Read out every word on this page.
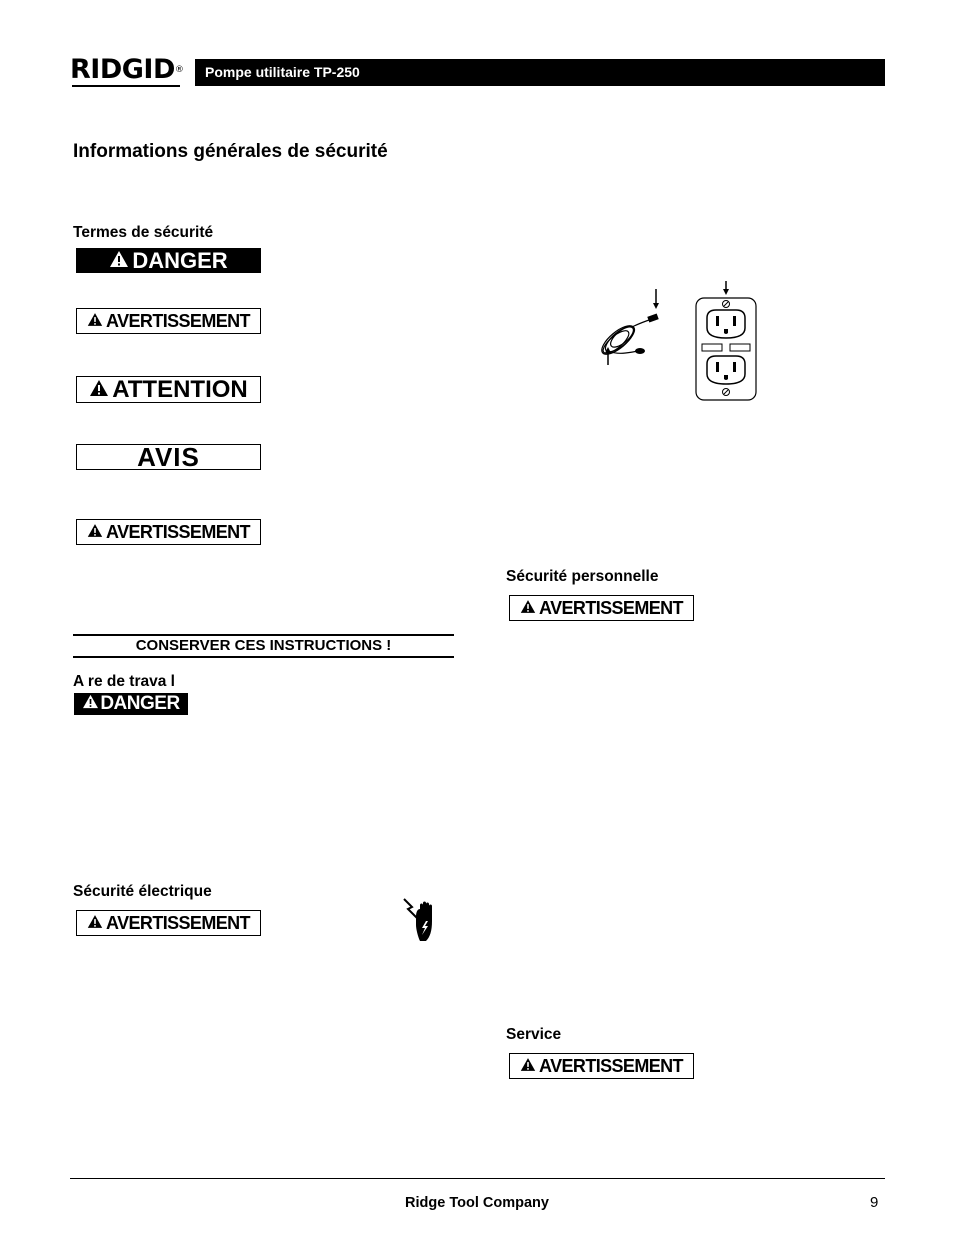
RIDGID®	Pompe utilitaire TP-250
Informations générales de sécurité
Termes de sécurité
DANGER
AVERTISSEMENT
ATTENTION
AVIS
AVERTISSEMENT
CONSERVER CES INSTRUCTIONS !
A re de trava l
DANGER
Sécurité électrique
AVERTISSEMENT
Sécurité personnelle
AVERTISSEMENT
Service
AVERTISSEMENT
Ridge Tool Company	9
